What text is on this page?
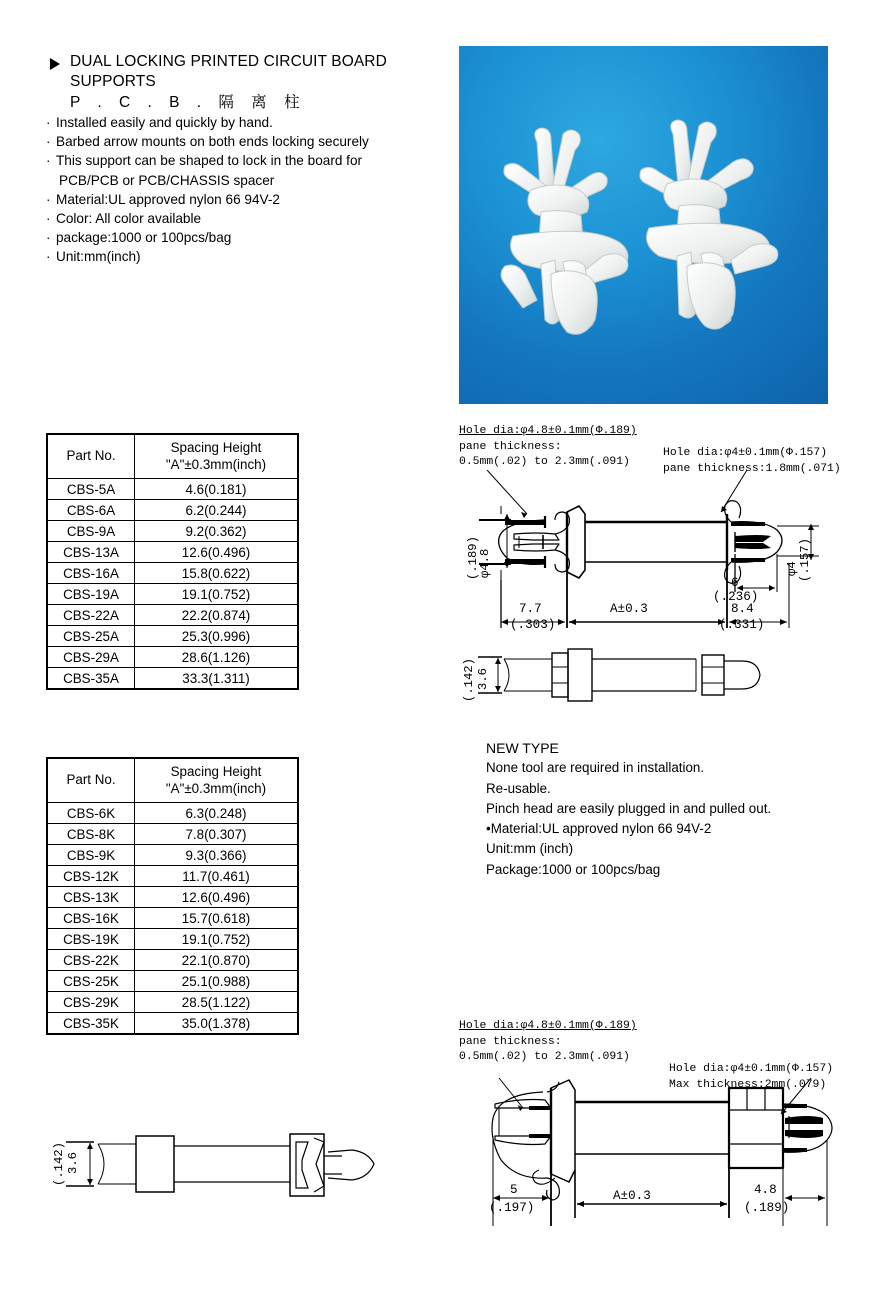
DUAL LOCKING PRINTED CIRCUIT BOARD SUPPORTS
P . C . B . 隔 离 柱
· Installed easily and quickly by hand.
· Barbed arrow mounts on both ends locking securely
· This support can be shaped to lock in the board for
PCB/PCB or PCB/CHASSIS spacer
· Material:UL approved nylon 66 94V-2
· Color: All color available
· package:1000 or 100pcs/bag
· Unit:mm(inch)
Part No.	Spacing Height
"A"±0.3mm(inch)

CBS-5A	4.6(0.181)
CBS-6A	6.2(0.244)
CBS-9A	9.2(0.362)
CBS-13A	12.6(0.496)
CBS-16A	15.8(0.622)
CBS-19A	19.1(0.752)
CBS-22A	22.2(0.874)
CBS-25A	25.3(0.996)
CBS-29A	28.6(1.126)
CBS-35A	33.3(1.311)
Part No.	Spacing Height
"A"±0.3mm(inch)

CBS-6K	6.3(0.248)
CBS-8K	7.8(0.307)
CBS-9K	9.3(0.366)
CBS-12K	11.7(0.461)
CBS-13K	12.6(0.496)
CBS-16K	15.7(0.618)
CBS-19K	19.1(0.752)
CBS-22K	22.1(0.870)
CBS-25K	25.1(0.988)
CBS-29K	28.5(1.122)
CBS-35K	35.0(1.378)
Hole dia:φ4.8±0.1mm(Φ.189)
pane thickness:
0.5mm(.02) to 2.3mm(.091)
Hole dia:φ4±0.1mm(Φ.157)
pane thickness:1.8mm(.071)
(.189)
φ4.8	φ4 (.157)
6
(.236)
7.7
(.303)
A±0.3	8.4
(.331)
(.142) 3.6
NEW TYPE
None tool are required in installation.
Re-usable.
Pinch head are easily plugged in and pulled out.
•Material:UL approved nylon 66 94V-2
Unit:mm (inch)
Package:1000 or 100pcs/bag
Hole dia:φ4.8±0.1mm(Φ.189)
pane thickness:
0.5mm(.02) to 2.3mm(.091)
Hole dia:φ4±0.1mm(Φ.157)
Max thickness:2mm(.079)
5
(.197)
A±0.3	4.8
(.189)
(.142) 3.6
